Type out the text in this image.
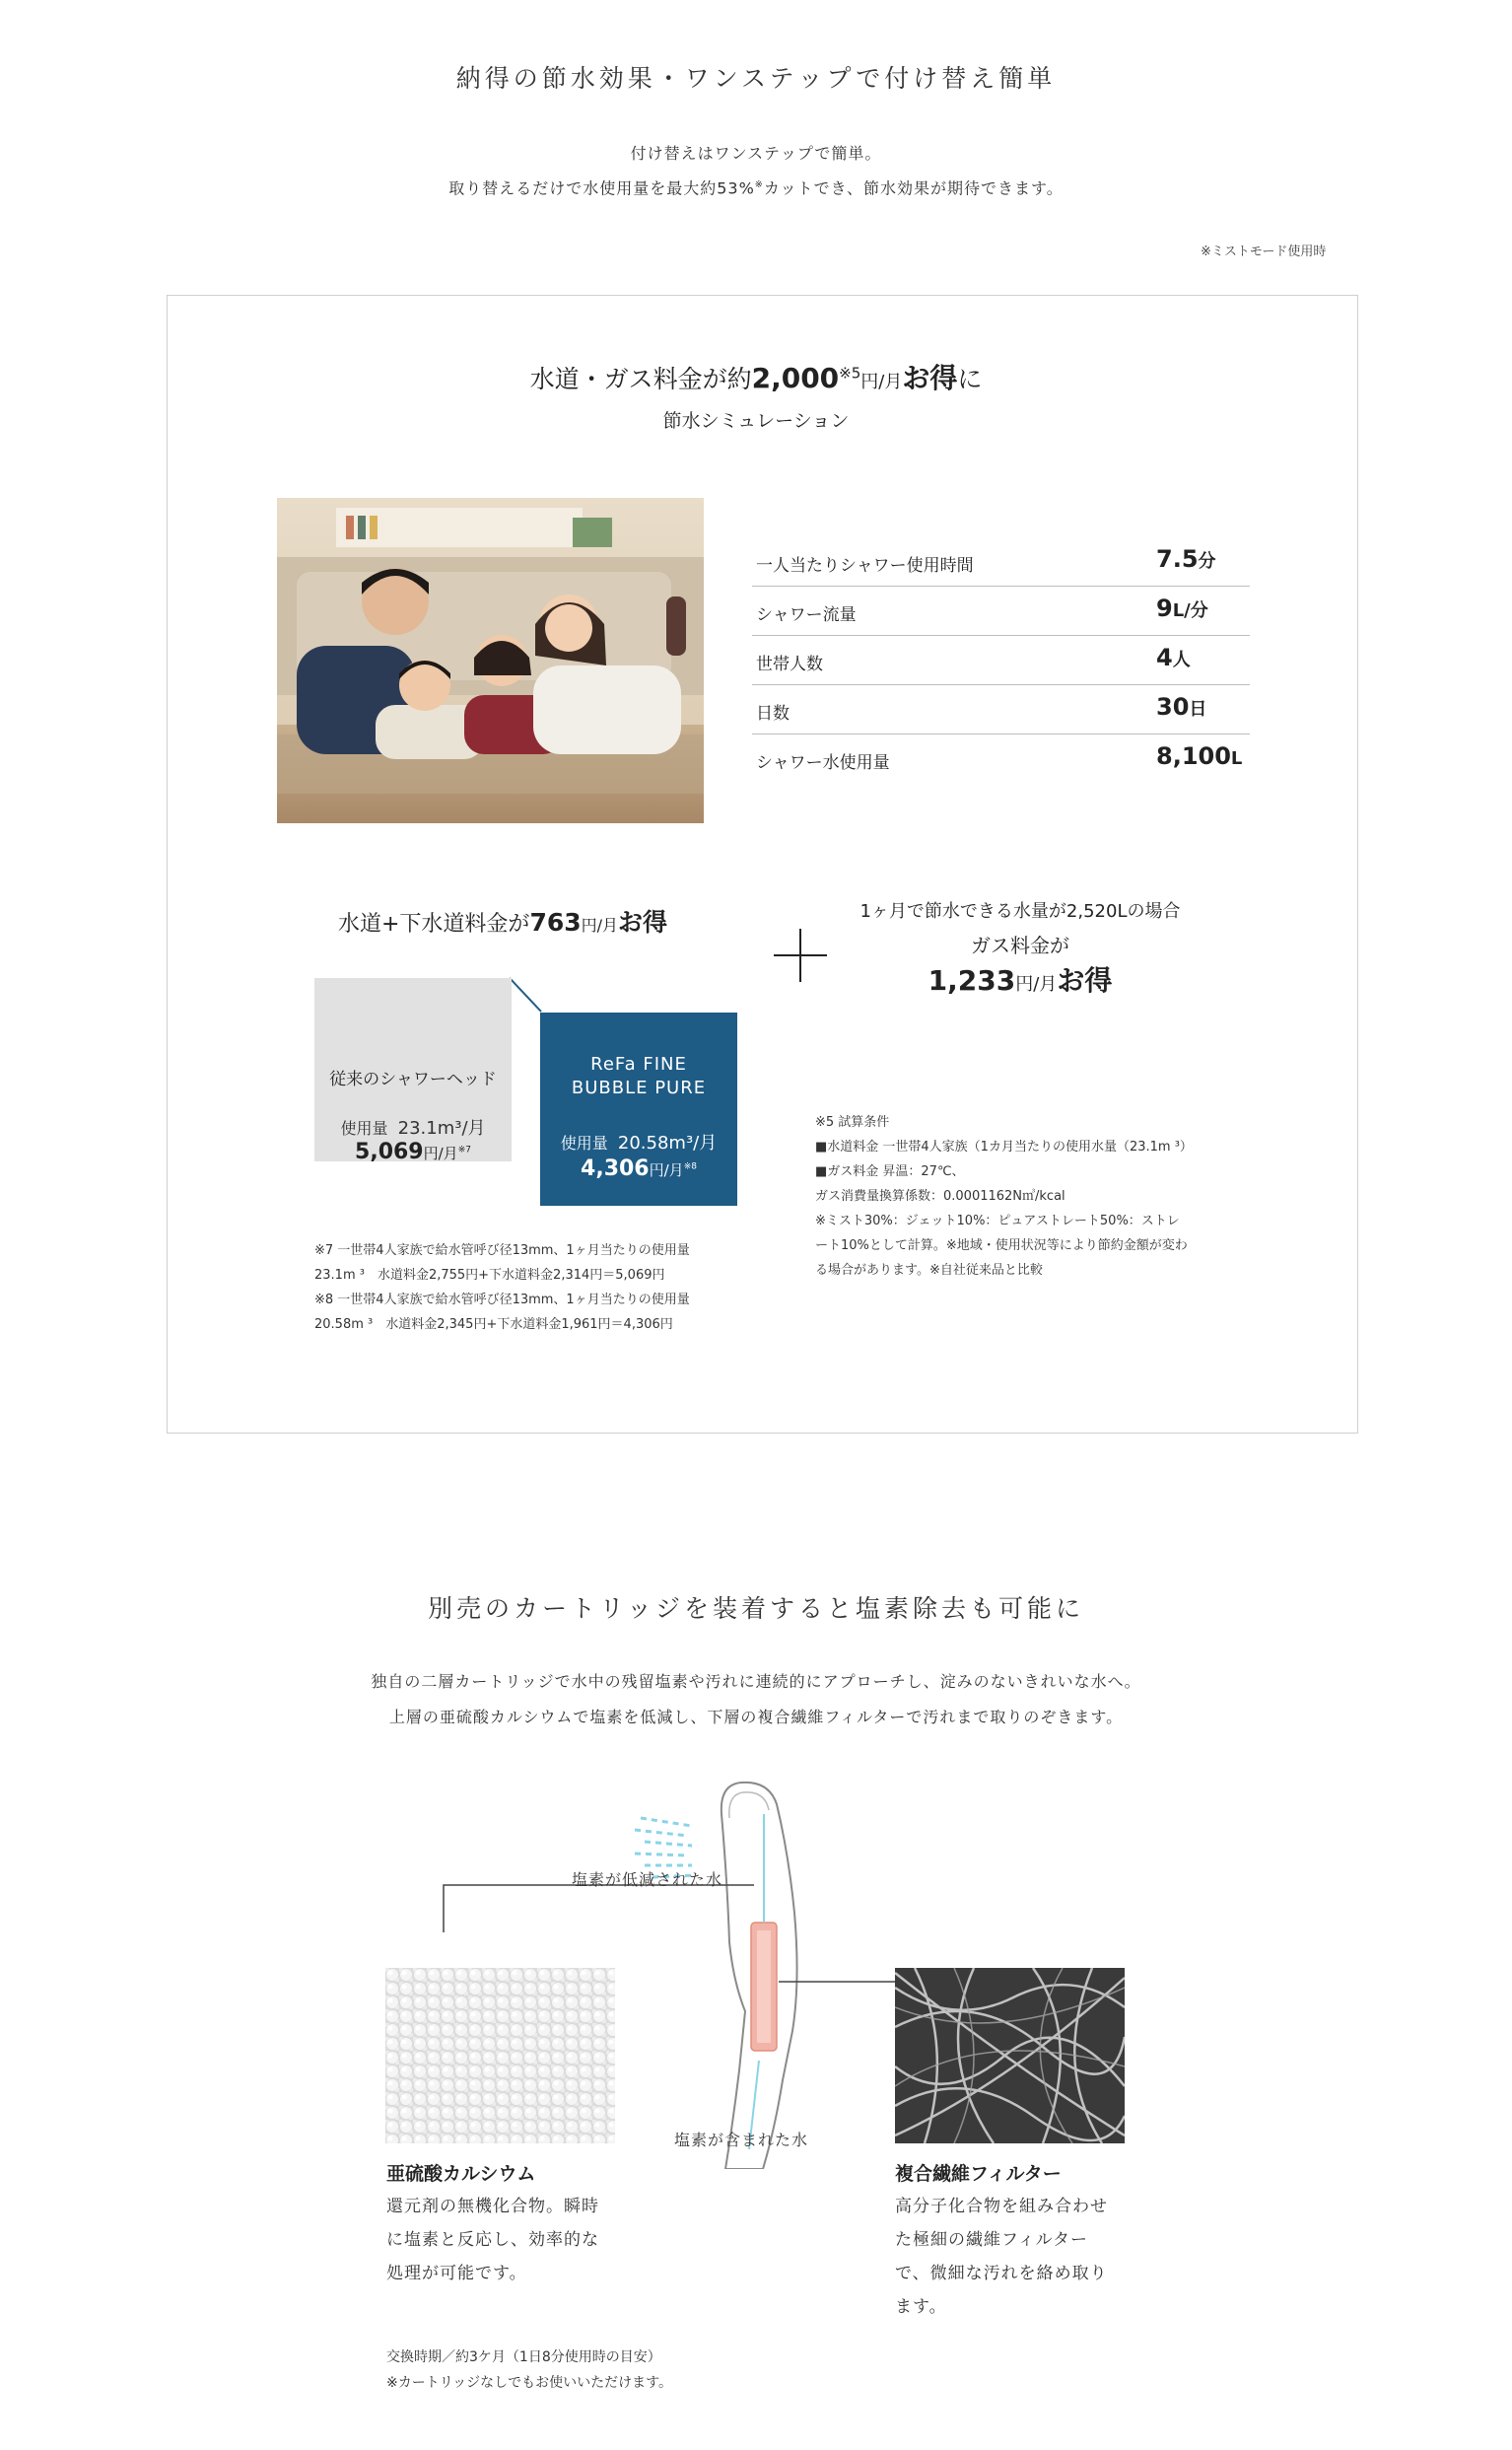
納得の節水効果・ワンステップで付け替え簡単
付け替えはワンステップで簡単。
取り替えるだけで水使用量を最大約53%※カットでき、節水効果が期待できます。
※ミストモード使用時
水道・ガス料金が約2,000$^{※5}$円/月お得に
節水シミュレーション
一人当たりシャワー使用時間	7.5分
シャワー流量	9L/分
世帯人数	4人
日数	30日
シャワー水使用量	8,100L
水道+下水道料金が763円/月お得	1ヶ月で節水できる水量が2,520Lの場合
ガス料金が
1,233円/月お得
従来のシャワーヘッド
使用量 23.1m³/月
5,069円/月$^{※7}$
ReFa FINE
BUBBLE PURE
使用量 20.58m³/月
4,306円/月$^{※8}$
※7 一世帯4人家族で給水管呼び径13mm、1ヶ月当たりの使用量
23.1m ³　水道料金2,755円+下水道料金2,314円＝5,069円
※8 一世帯4人家族で給水管呼び径13mm、1ヶ月当たりの使用量
20.58m ³　水道料金2,345円+下水道料金1,961円＝4,306円
※5 試算条件
■水道料金 一世帯4人家族（1カ月当たりの使用水量（23.1m ³）
■ガス料金 昇温：27℃、
ガス消費量換算係数：0.0001162N㎥/kcal
※ミスト30%：ジェット10%：ピュアストレート50%：ストレ
ート10%として計算。※地域・使用状況等により節約金額が変わ
る場合があります。※自社従来品と比較
別売のカートリッジを装着すると塩素除去も可能に
独自の二層カートリッジで水中の残留塩素や汚れに連続的にアプローチし、淀みのないきれいな水へ。
上層の亜硫酸カルシウムで塩素を低減し、下層の複合繊維フィルターで汚れまで取りのぞきます。
塩素が低減された水
塩素が含まれた水
亜硫酸カルシウム
還元剤の無機化合物。瞬時
に塩素と反応し、効率的な
処理が可能です。
複合繊維フィルター
高分子化合物を組み合わせ
た極細の繊維フィルター
で、微細な汚れを絡め取り
ます。
交換時期／約3ケ月（1日8分使用時の目安）
※カートリッジなしでもお使いいただけます。
